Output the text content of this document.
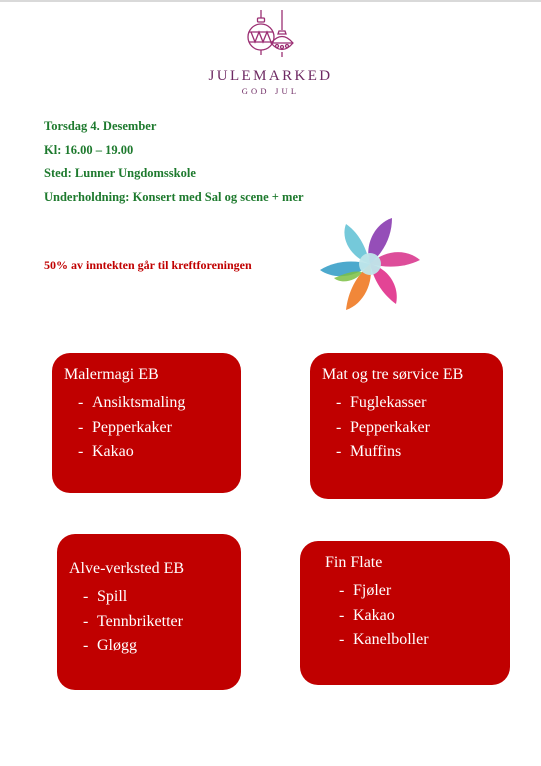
JULEMARKED
GOD JUL
Torsdag 4. Desember
Kl: 16.00 – 19.00
Sted: Lunner Ungdomsskole
Underholdning: Konsert med Sal og scene + mer
50% av inntekten går til kreftforeningen
Malermagi EB
- Ansiktsmaling
- Pepperkaker
- Kakao
Mat og tre sørvice EB
- Fuglekasser
- Pepperkaker
- Muffins
Alve-verksted EB
- Spill
- Tennbriketter
- Gløgg
Fin Flate
- Fjøler
- Kakao
- Kanelboller
